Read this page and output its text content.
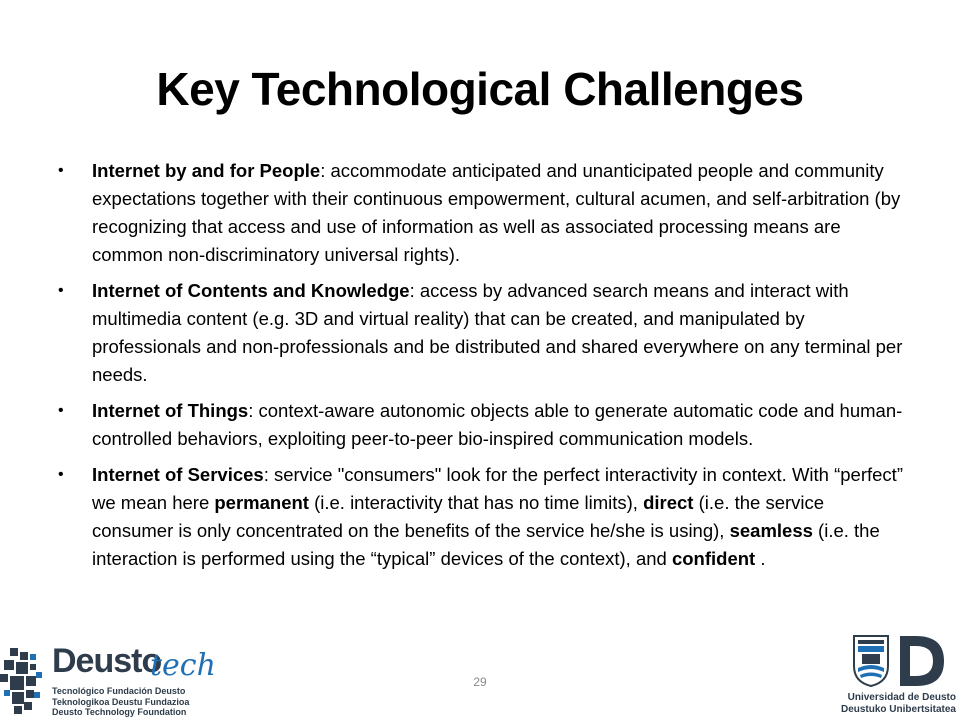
Key Technological Challenges
• Internet by and for People: accommodate anticipated and unanticipated people and community expectations together with their continuous empowerment, cultural acumen, and self-arbitration (by recognizing that access and use of information as well as associated processing means are common non-discriminatory universal rights).
• Internet of Contents and Knowledge: access by advanced search means and interact with multimedia content (e.g. 3D and virtual reality) that can be created, and manipulated by professionals and non-professionals and be distributed and shared everywhere on any terminal per needs.
• Internet of Things: context-aware autonomic objects able to generate automatic code and human-controlled behaviors, exploiting peer-to-peer bio-inspired communication models.
• Internet of Services: service "consumers" look for the perfect interactivity in context. With “perfect” we mean here permanent (i.e. interactivity that has no time limits), direct (i.e. the service consumer is only concentrated on the benefits of the service he/she is using), seamless (i.e. the interaction is performed using the “typical” devices of the context), and confident .
29
Deusto
tech
Tecnológico Fundación Deusto
Teknologikoa Deustu Fundazioa
Deusto Technology Foundation
Universidad de Deusto
Deustuko Unibertsitatea
